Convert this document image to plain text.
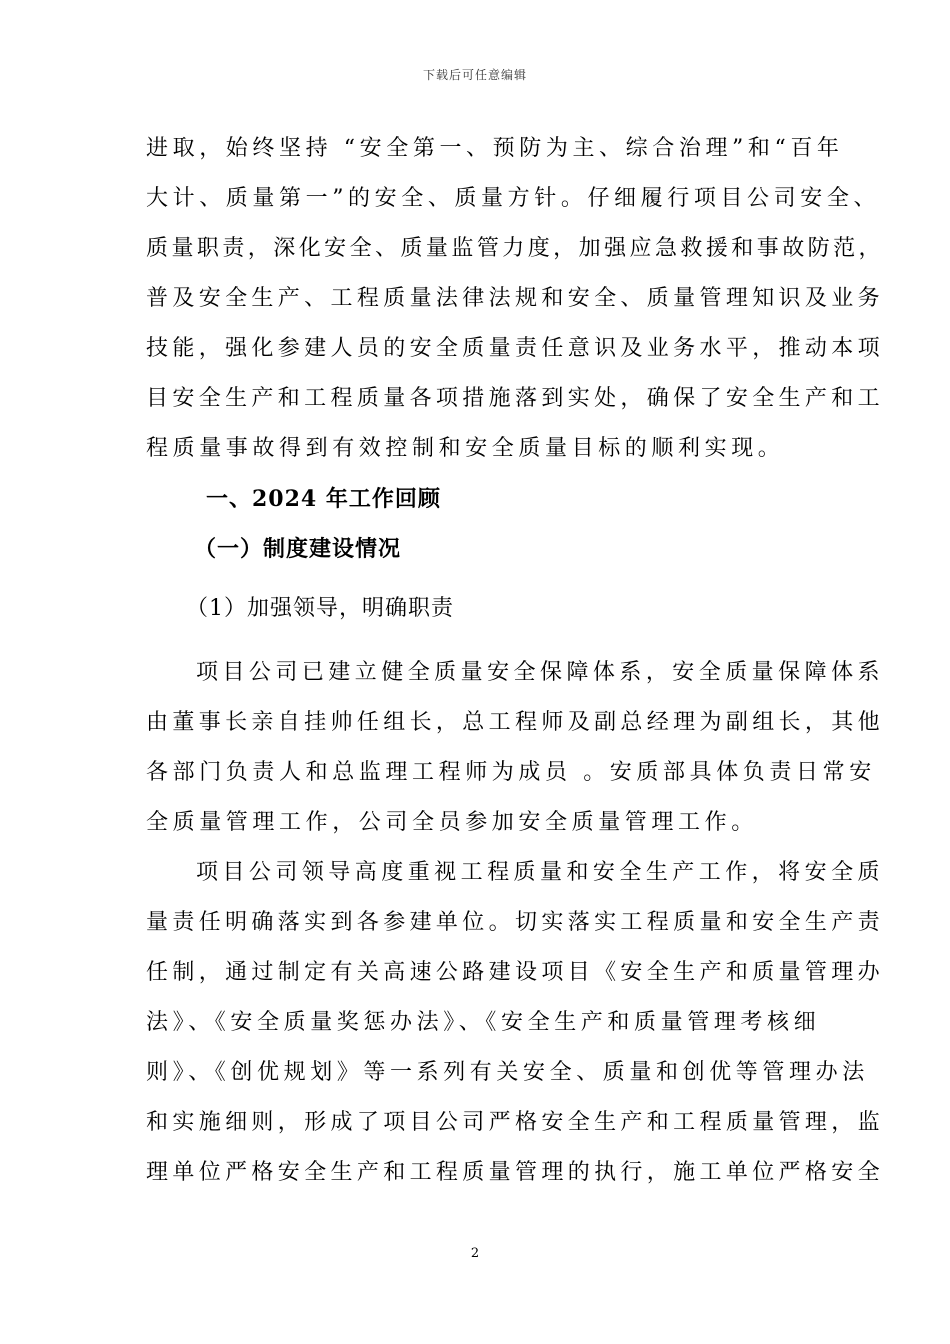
下载后可任意编辑
进取，始终坚持 “安全第一、预防为主、综合治理”和“百年
大计、质量第一”的安全、质量方针。仔细履行项目公司安全、
质量职责，深化安全、质量监管力度，加强应急救援和事故防范，
普及安全生产、工程质量法律法规和安全、质量管理知识及业务
技能，强化参建人员的安全质量责任意识及业务水平，推动本项
目安全生产和工程质量各项措施落到实处，确保了安全生产和工
程质量事故得到有效控制和安全质量目标的顺利实现。
一、2024 年工作回顾
（一）制度建设情况
（1）加强领导，明确职责
项目公司已建立健全质量安全保障体系，安全质量保障体系
由董事长亲自挂帅任组长，总工程师及副总经理为副组长，其他
各部门负责人和总监理工程师为成员 。安质部具体负责日常安
全质量管理工作，公司全员参加安全质量管理工作。
项目公司领导高度重视工程质量和安全生产工作，将安全质
量责任明确落实到各参建单位。切实落实工程质量和安全生产责
任制，通过制定有关高速公路建设项目《安全生产和质量管理办
法》、《安全质量奖惩办法》、《安全生产和质量管理考核细
则》、《创优规划》等一系列有关安全、质量和创优等管理办法
和实施细则，形成了项目公司严格安全生产和工程质量管理，监
理单位严格安全生产和工程质量管理的执行，施工单位严格安全
2
